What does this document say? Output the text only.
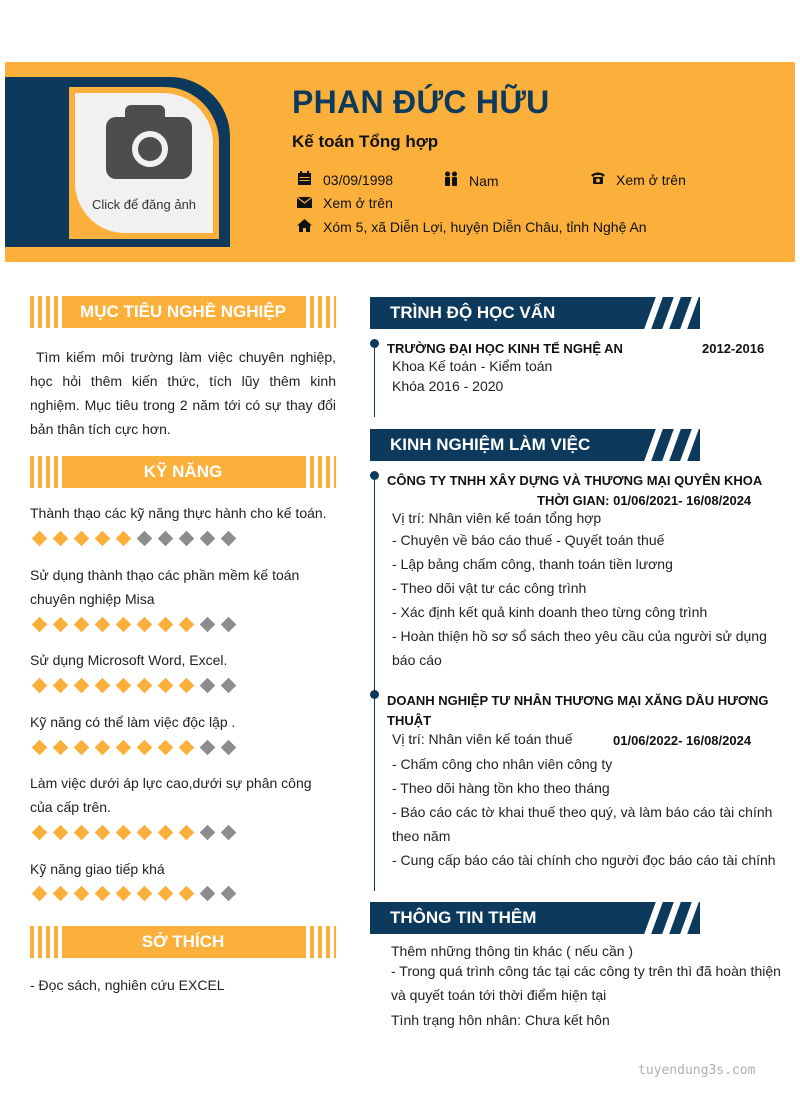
Click để đăng ảnh
PHAN ĐỨC HỮU
Kế toán Tổng hợp
03/09/1998	Nam	Xem ở trên
Xem ở trên
Xóm 5, xã Diễn Lợi, huyện Diễn Châu, tỉnh Nghệ An
MỤC TIÊU NGHỀ NGHIỆP
Tìm kiếm môi trường làm việc chuyên nghiệp, học hỏi thêm kiến thức, tích lũy thêm kinh nghiệm. Mục tiêu trong 2 năm tới có sự thay đổi bản thân tích cực hơn.
KỸ NĂNG
Thành thạo các kỹ năng thực hành cho kế toán.
Sử dụng thành thạo các phần mềm kế toán chuyên nghiệp Misa
Sử dụng Microsoft Word, Excel.
Kỹ năng có thể làm việc độc lập .
Làm việc dưới áp lực cao,dưới sự phân công của cấp trên.
Kỹ năng giao tiếp khá
SỞ THÍCH
- Đọc sách, nghiên cứu EXCEL
TRÌNH ĐỘ HỌC VẤN
TRƯỜNG ĐẠI HỌC KINH TẾ NGHỆ AN	2012-2016
Khoa Kế toán - Kiểm toán
Khóa 2016 - 2020
KINH NGHIỆM LÀM VIỆC
CÔNG TY TNHH XÂY DỰNG VÀ THƯƠNG MẠI QUYÊN KHOA
THỜI GIAN: 01/06/2021- 16/08/2024
Vị trí: Nhân viên kế toán tổng hợp
- Chuyên về báo cáo thuế - Quyết toán thuế
- Lập bảng chấm công, thanh toán tiền lương
- Theo dõi vật tư các công trình
- Xác định kết quả kinh doanh theo từng công trình
- Hoàn thiện hồ sơ sổ sách theo yêu cầu của người sử dụng
báo cáo
DOANH NGHIỆP TƯ NHÂN THƯƠNG MẠI XĂNG DẦU HƯƠNG
THUẬT
Vị trí: Nhân viên kế toán thuế	01/06/2022- 16/08/2024
- Chấm công cho nhân viên công ty
- Theo dõi hàng tồn kho theo tháng
- Báo cáo các tờ khai thuế theo quý, và làm báo cáo tài chính
theo năm
- Cung cấp báo cáo tài chính cho người đọc báo cáo tài chính
THÔNG TIN THÊM
Thêm những thông tin khác ( nếu cần )
- Trong quá trình công tác tại các công ty trên thì đã hoàn thiện
và quyết toán tới thời điểm hiện tại
Tình trạng hôn nhân: Chưa kết hôn
tuyendung3s.com
